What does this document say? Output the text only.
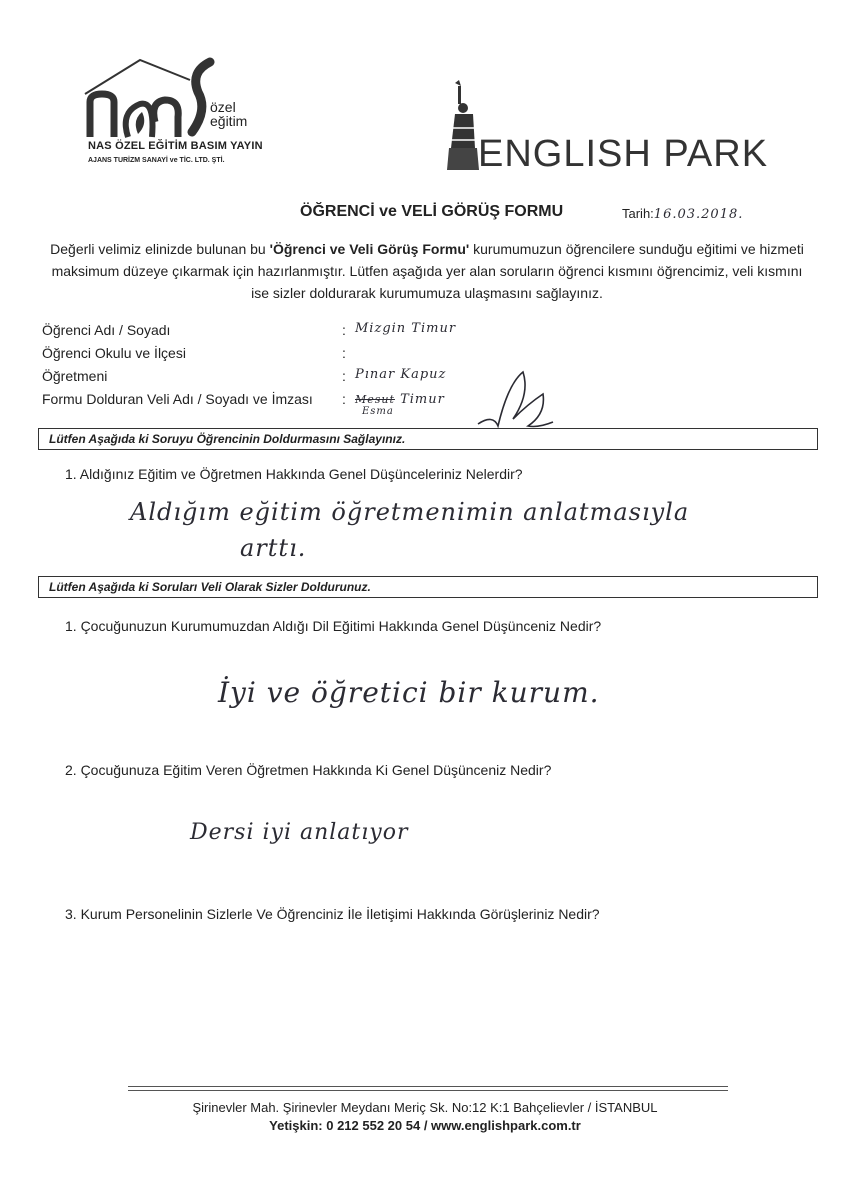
özel
eğitim
NAS ÖZEL EĞİTİM BASIM YAYIN
AJANS TURİZM SANAYİ ve TİC. LTD. ŞTİ.	ENGLISH PARK
ÖĞRENCİ ve VELİ GÖRÜŞ FORMU	Tarih:16.03.2018.
Değerli velimiz elinizde bulunan bu 'Öğrenci ve Veli Görüş Formu' kurumumuzun öğrencilere sunduğu eğitimi ve hizmeti maksimum düzeye çıkarmak için hazırlanmıştır. Lütfen aşağıda yer alan soruların öğrenci kısmını öğrencimiz, veli kısmını ise sizler doldurarak kurumumuza ulaşmasını sağlayınız.
Öğrenci Adı / Soyadı	: Mizgin Timur
Öğrenci Okulu ve İlçesi	:
Öğretmeni	: Pınar Kapuz
Formu Dolduran Veli Adı / Soyadı ve İmzası : Mesut Timur
Esma
Lütfen Aşağıda ki Soruyu Öğrencinin Doldurmasını Sağlayınız.
1. Aldığınız Eğitim ve Öğretmen Hakkında Genel Düşünceleriniz Nelerdir?
Aldığım eğitim öğretmenimin anlatmasıyla
arttı.
Lütfen Aşağıda ki Soruları Veli Olarak Sizler Doldurunuz.
1. Çocuğunuzun Kurumumuzdan Aldığı Dil Eğitimi Hakkında Genel Düşünceniz Nedir?
İyi ve öğretici bir kurum.
2. Çocuğunuza Eğitim Veren Öğretmen Hakkında Ki Genel Düşünceniz Nedir?
Dersi iyi anlatıyor
3. Kurum Personelinin Sizlerle Ve Öğrenciniz İle İletişimi Hakkında Görüşleriniz Nedir?
Şirinevler Mah. Şirinevler Meydanı Meriç Sk. No:12 K:1 Bahçelievler / İSTANBUL
Yetişkin: 0 212 552 20 54 / www.englishpark.com.tr
